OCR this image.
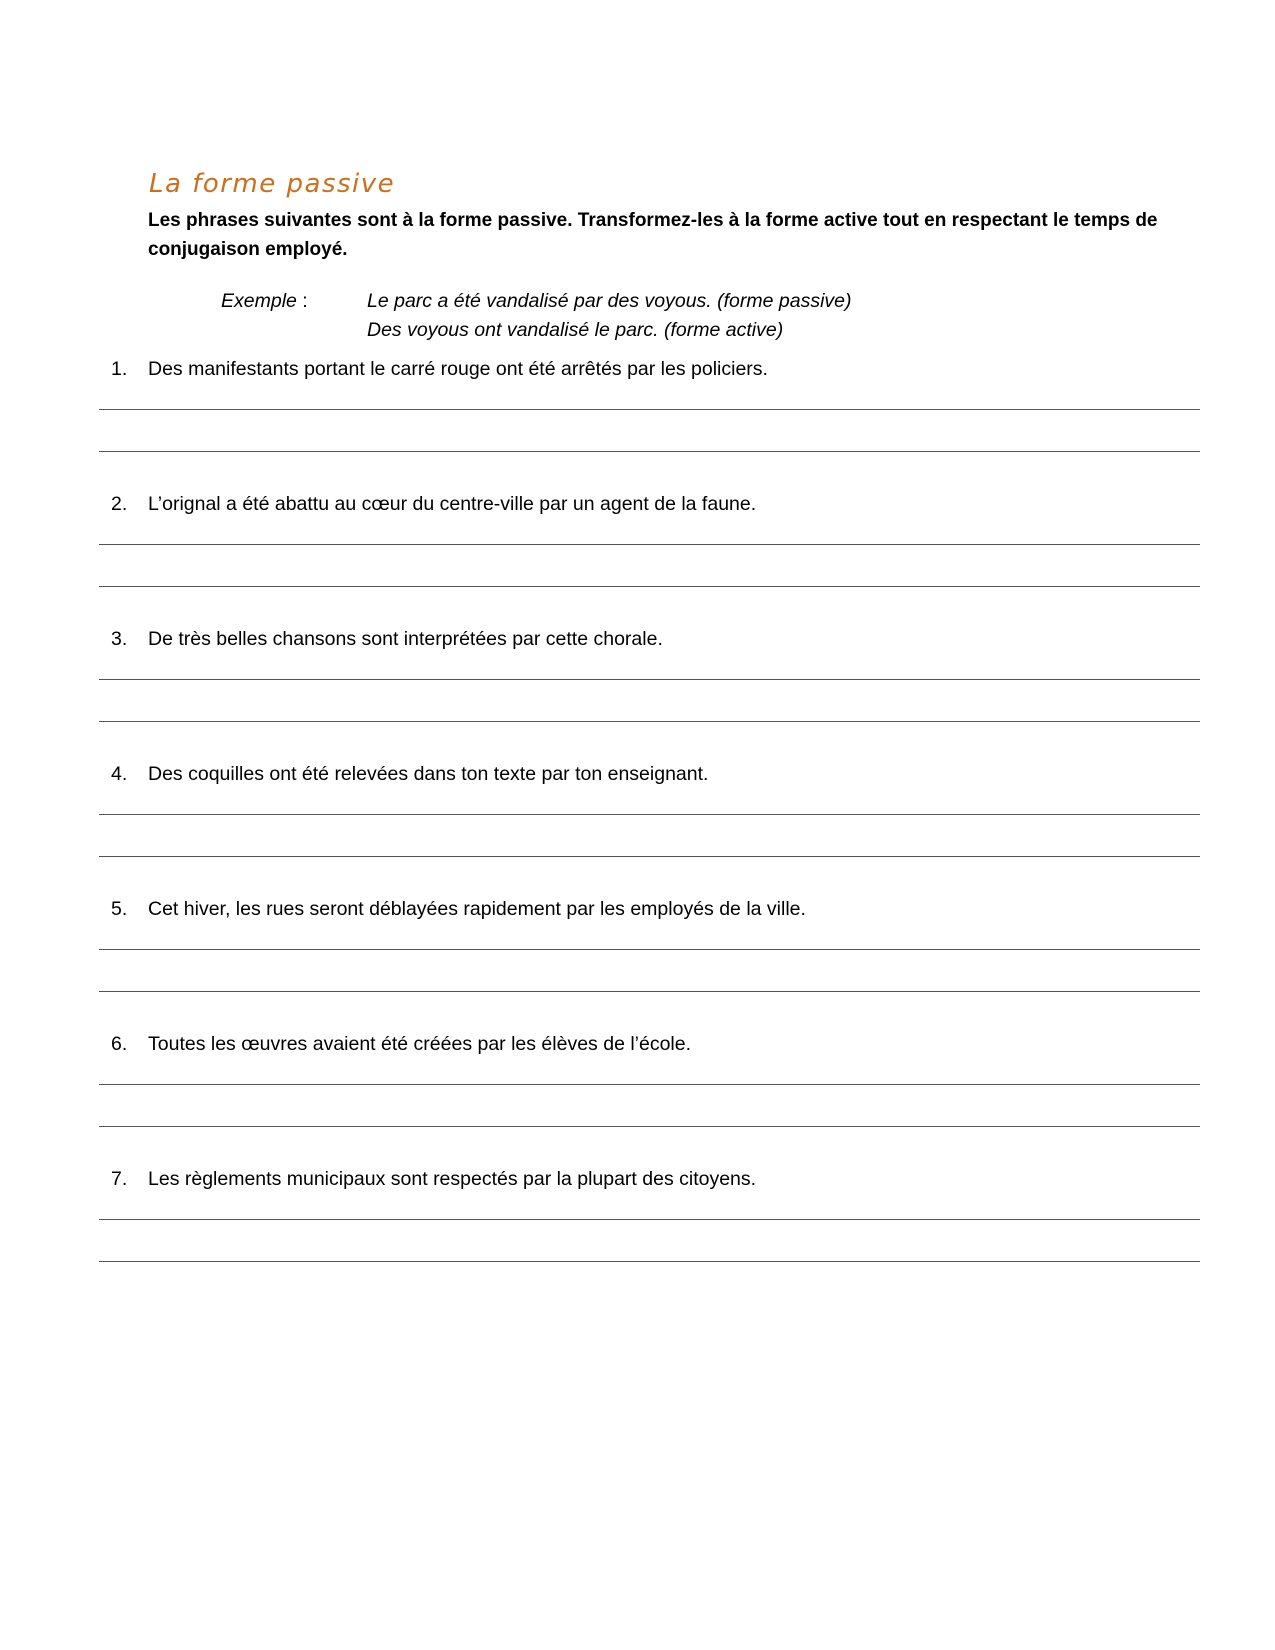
La forme passive

Les phrases suivantes sont à la forme passive. Transformez-les à la forme active tout en respectant le temps de conjugaison employé.

Exemple :	Le parc a été vandalisé par des voyous. (forme passive)
Des voyous ont vandalisé le parc. (forme active)
1. Des manifestants portant le carré rouge ont été arrêtés par les policiers.
2. L’orignal a été abattu au cœur du centre-ville par un agent de la faune.
3. De très belles chansons sont interprétées par cette chorale.
4. Des coquilles ont été relevées dans ton texte par ton enseignant.
5. Cet hiver, les rues seront déblayées rapidement par les employés de la ville.
6. Toutes les œuvres avaient été créées par les élèves de l’école.
7. Les règlements municipaux sont respectés par la plupart des citoyens.
